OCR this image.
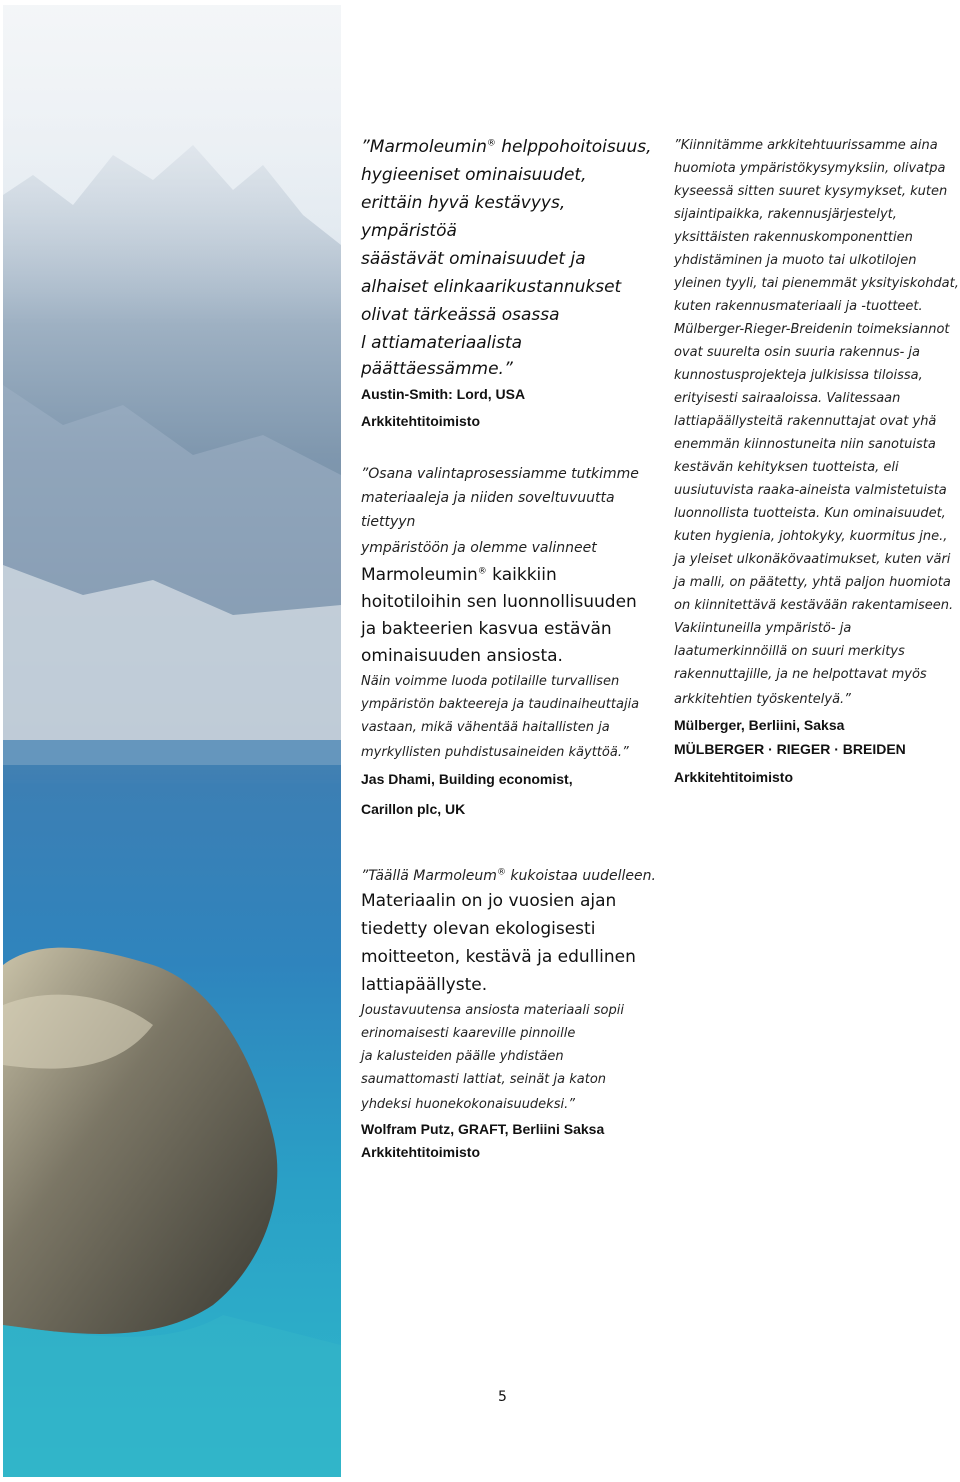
”Marmoleumin® helppohoitoisuus,

hygieeniset ominaisuudet,

erittäin hyvä kestävyys, ympäristöä

säästävät ominaisuudet ja

alhaiset elinkaarikustannukset

olivat tärkeässä osassa

l attiamateriaalista

päättäessämme.”

Austin-Smith: Lord, USA

Arkkitehtitoimisto

”Osana valintaprosessiamme tutkimme

materiaaleja ja niiden soveltuvuutta tiettyyn

ympäristöön ja olemme valinneet

Marmoleumin® kaikkiin

hoitotiloihin sen luonnollisuuden

ja bakteerien kasvua estävän

ominaisuuden ansiosta.

Näin voimme luoda potilaille turvallisen

ympäristön bakteereja ja taudinaiheuttajia

vastaan, mikä vähentää haitallisten ja

myrkyllisten puhdistusaineiden käyttöä.”

Jas Dhami, Building economist,

Carillon plc, UK

”Täällä Marmoleum® kukoistaa uudelleen.

Materiaalin on jo vuosien ajan

tiedetty olevan ekologisesti

moitteeton, kestävä ja edullinen

lattiapäällyste.

Joustavuutensa ansiosta materiaali sopii

erinomaisesti kaareville pinnoille

ja kalusteiden päälle yhdistäen

saumattomasti lattiat, seinät ja katon

yhdeksi huonekokonaisuudeksi.”

Wolfram Putz, GRAFT, Berliini Saksa

Arkkitehtitoimisto

”Kiinnitämme arkkitehtuurissamme aina

huomiota ympäristökysymyksiin, olivatpa

kyseessä sitten suuret kysymykset, kuten

sijaintipaikka, rakennusjärjestelyt,

yksittäisten rakennuskomponenttien

yhdistäminen ja muoto tai ulkotilojen

yleinen tyyli, tai pienemmät yksityiskohdat,

kuten rakennusmateriaali ja -tuotteet.

Mülberger-Rieger-Breidenin toimeksiannot

ovat suurelta osin suuria rakennus- ja

kunnostusprojekteja julkisissa tiloissa,

erityisesti sairaaloissa. Valitessaan

lattiapäällysteitä rakennuttajat ovat yhä

enemmän kiinnostuneita niin sanotuista

kestävän kehityksen tuotteista, eli

uusiutuvista raaka-aineista valmistetuista

luonnollista tuotteista. Kun ominaisuudet,

kuten hygienia, johtokyky, kuormitus jne.,

ja yleiset ulkonäkövaatimukset, kuten väri

ja malli, on päätetty, yhtä paljon huomiota

on kiinnitettävä kestävään rakentamiseen.

Vakiintuneilla ympäristö- ja

laatumerkinnöillä on suuri merkitys

rakennuttajille, ja ne helpottavat myös

arkkitehtien työskentelyä.”

Mülberger, Berliini, Saksa

MÜLBERGER · RIEGER · BREIDEN

Arkkitehtitoimisto

5
